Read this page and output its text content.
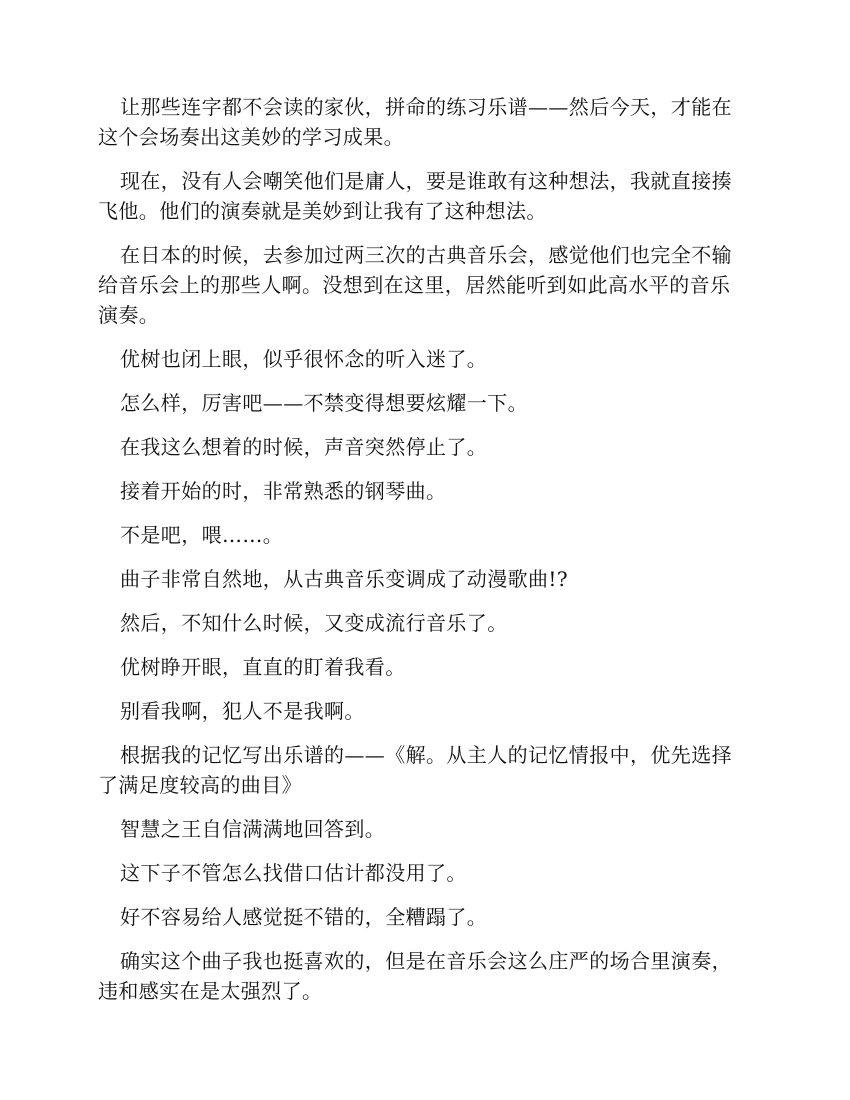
让那些连字都不会读的家伙，拼命的练习乐谱——然后今天，才能在这个会场奏出这美妙的学习成果。

现在，没有人会嘲笑他们是庸人，要是谁敢有这种想法，我就直接揍飞他。他们的演奏就是美妙到让我有了这种想法。

在日本的时候，去参加过两三次的古典音乐会，感觉他们也完全不输给音乐会上的那些人啊。没想到在这里，居然能听到如此高水平的音乐演奏。

优树也闭上眼，似乎很怀念的听入迷了。

怎么样，厉害吧——不禁变得想要炫耀一下。

在我这么想着的时候，声音突然停止了。

接着开始的时，非常熟悉的钢琴曲。

不是吧，喂……。

曲子非常自然地，从古典音乐变调成了动漫歌曲!?

然后，不知什么时候，又变成流行音乐了。

优树睁开眼，直直的盯着我看。

别看我啊，犯人不是我啊。

根据我的记忆写出乐谱的——《解。从主人的记忆情报中，优先选择了满足度较高的曲目》

智慧之王自信满满地回答到。

这下子不管怎么找借口估计都没用了。

好不容易给人感觉挺不错的，全糟蹋了。

确实这个曲子我也挺喜欢的，但是在音乐会这么庄严的场合里演奏，违和感实在是太强烈了。
